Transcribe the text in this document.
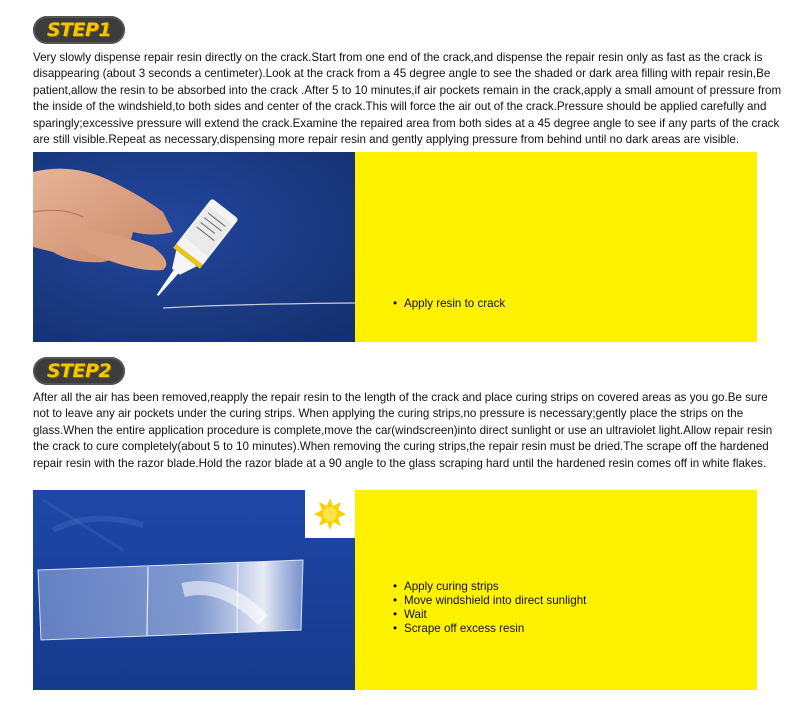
STEP1
Very slowly dispense repair resin directly on the crack.Start from one end of the crack,and dispense the repair resin only as fast as the crack is disappearing (about 3 seconds a centimeter).Look at the crack from a 45 degree angle to see the shaded or dark area filling with repair resin,Be patient,allow the resin to be absorbed into the crack .After 5 to 10 minutes,if air pockets remain in the crack,apply a small amount of pressure from the inside of the windshield,to both sides and center of the crack.This will force the air out of the crack.Pressure should be applied carefully and sparingly;excessive pressure will extend the crack.Examine the repaired area from both sides at a 45 degree angle to see if any parts of the crack are still visible.Repeat as necessary,dispensing more repair resin and gently applying pressure from behind until no dark areas are visible.
• Apply resin to crack
STEP2
After all the air has been removed,reapply the repair resin to the length of the crack and place curing strips on covered areas as you go.Be sure not to leave any air pockets under the curing strips. When applying the curing strips,no pressure is necessary;gently place the strips on the glass.When the entire application procedure is complete,move the car(windscreen)into direct sunlight or use an ultraviolet light.Allow repair resin the crack to cure completely(about 5 to 10 minutes).When removing the curing strips,the repair resin must be dried.The scrape off the hardened repair resin with the razor blade.Hold the razor blade at a 90 angle to the glass scraping hard until the hardened resin comes off in white flakes.
• Apply curing strips
• Move windshield into direct sunlight
• Wait
• Scrape off excess resin
